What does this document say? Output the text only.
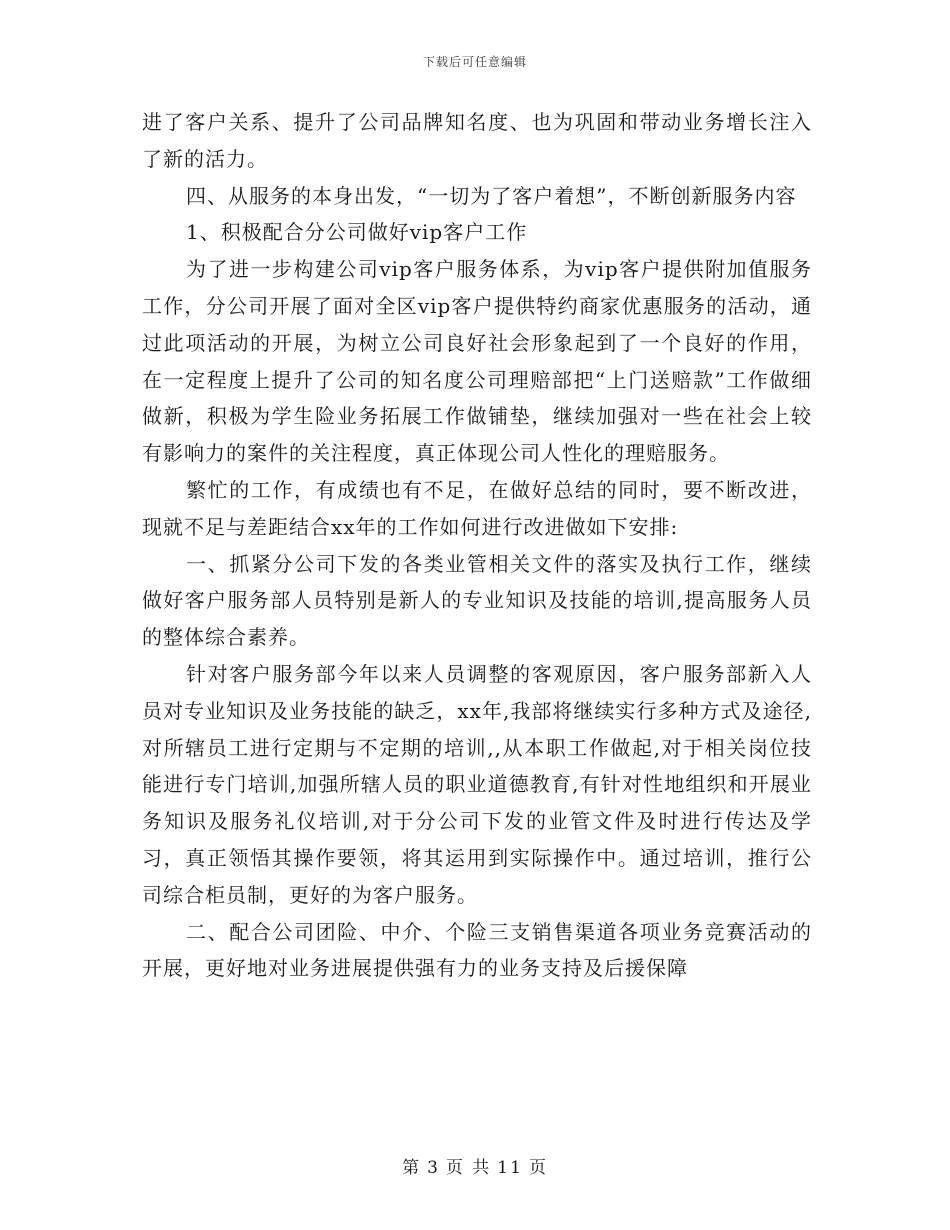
下载后可任意编辑

进了客户关系、提升了公司品牌知名度、也为巩固和带动业务增长注入了新的活力。

四、从服务的本身出发，“一切为了客户着想”，不断创新服务内容

1、积极配合分公司做好vip客户工作

为了进一步构建公司vip客户服务体系，为vip客户提供附加值服务工作，分公司开展了面对全区vip客户提供特约商家优惠服务的活动，通过此项活动的开展，为树立公司良好社会形象起到了一个良好的作用，在一定程度上提升了公司的知名度公司理赔部把“上门送赔款”工作做细做新，积极为学生险业务拓展工作做铺垫，继续加强对一些在社会上较有影响力的案件的关注程度，真正体现公司人性化的理赔服务。

繁忙的工作，有成绩也有不足，在做好总结的同时，要不断改进，现就不足与差距结合xx年的工作如何进行改进做如下安排:

一、抓紧分公司下发的各类业管相关文件的落实及执行工作，继续做好客户服务部人员特别是新人的专业知识及技能的培训,提高服务人员的整体综合素养。

针对客户服务部今年以来人员调整的客观原因，客户服务部新入人员对专业知识及业务技能的缺乏，xx年,我部将继续实行多种方式及途径,对所辖员工进行定期与不定期的培训,,从本职工作做起,对于相关岗位技能进行专门培训,加强所辖人员的职业道德教育,有针对性地组织和开展业务知识及服务礼仪培训,对于分公司下发的业管文件及时进行传达及学习，真正领悟其操作要领，将其运用到实际操作中。通过培训，推行公司综合柜员制，更好的为客户服务。

二、配合公司团险、中介、个险三支销售渠道各项业务竞赛活动的开展，更好地对业务进展提供强有力的业务支持及后援保障

第 3 页 共 11 页
